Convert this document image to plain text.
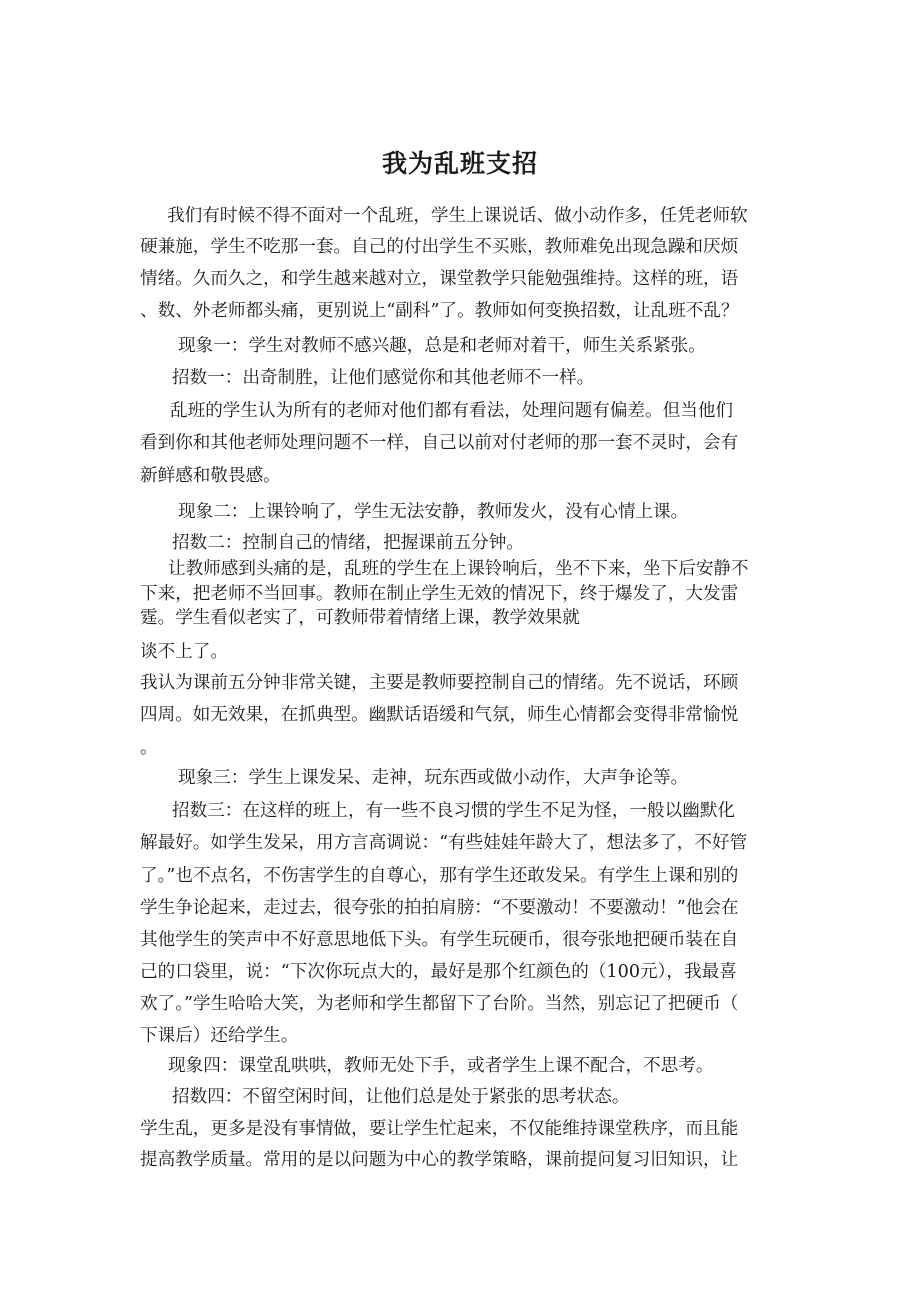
我为乱班支招
我们有时候不得不面对一个乱班，学生上课说话、做小动作多，任凭老师软
硬兼施，学生不吃那一套。自己的付出学生不买账，教师难免出现急躁和厌烦
情绪。久而久之，和学生越来越对立，课堂教学只能勉强维持。这样的班，语
、数、外老师都头痛，更别说上“副科”了。教师如何变换招数，让乱班不乱？
现象一：学生对教师不感兴趣，总是和老师对着干，师生关系紧张。
招数一：出奇制胜，让他们感觉你和其他老师不一样。
乱班的学生认为所有的老师对他们都有看法，处理问题有偏差。但当他们
看到你和其他老师处理问题不一样，自己以前对付老师的那一套不灵时，会有
新鲜感和敬畏感。
现象二：上课铃响了，学生无法安静，教师发火，没有心情上课。
招数二：控制自己的情绪，把握课前五分钟。
让教师感到头痛的是，乱班的学生在上课铃响后，坐不下来，坐下后安静不
下来，把老师不当回事。教师在制止学生无效的情况下，终于爆发了，大发雷
霆。学生看似老实了，可教师带着情绪上课，教学效果就
谈不上了。
我认为课前五分钟非常关键，主要是教师要控制自己的情绪。先不说话，环顾
四周。如无效果，在抓典型。幽默话语缓和气氛，师生心情都会变得非常愉悦
。
现象三：学生上课发呆、走神，玩东西或做小动作，大声争论等。
招数三：在这样的班上，有一些不良习惯的学生不足为怪，一般以幽默化
解最好。如学生发呆，用方言高调说：“有些娃娃年龄大了，想法多了，不好管
了。”也不点名，不伤害学生的自尊心，那有学生还敢发呆。有学生上课和别的
学生争论起来，走过去，很夸张的拍拍肩膀：“不要激动！不要激动！”他会在
其他学生的笑声中不好意思地低下头。有学生玩硬币，很夸张地把硬币装在自
己的口袋里，说：“下次你玩点大的，最好是那个红颜色的（100元），我最喜
欢了。”学生哈哈大笑，为老师和学生都留下了台阶。当然，别忘记了把硬币（
下课后）还给学生。
现象四：课堂乱哄哄，教师无处下手，或者学生上课不配合，不思考。
招数四：不留空闲时间，让他们总是处于紧张的思考状态。
学生乱，更多是没有事情做，要让学生忙起来，不仅能维持课堂秩序，而且能
提高教学质量。常用的是以问题为中心的教学策略，课前提问复习旧知识，让
